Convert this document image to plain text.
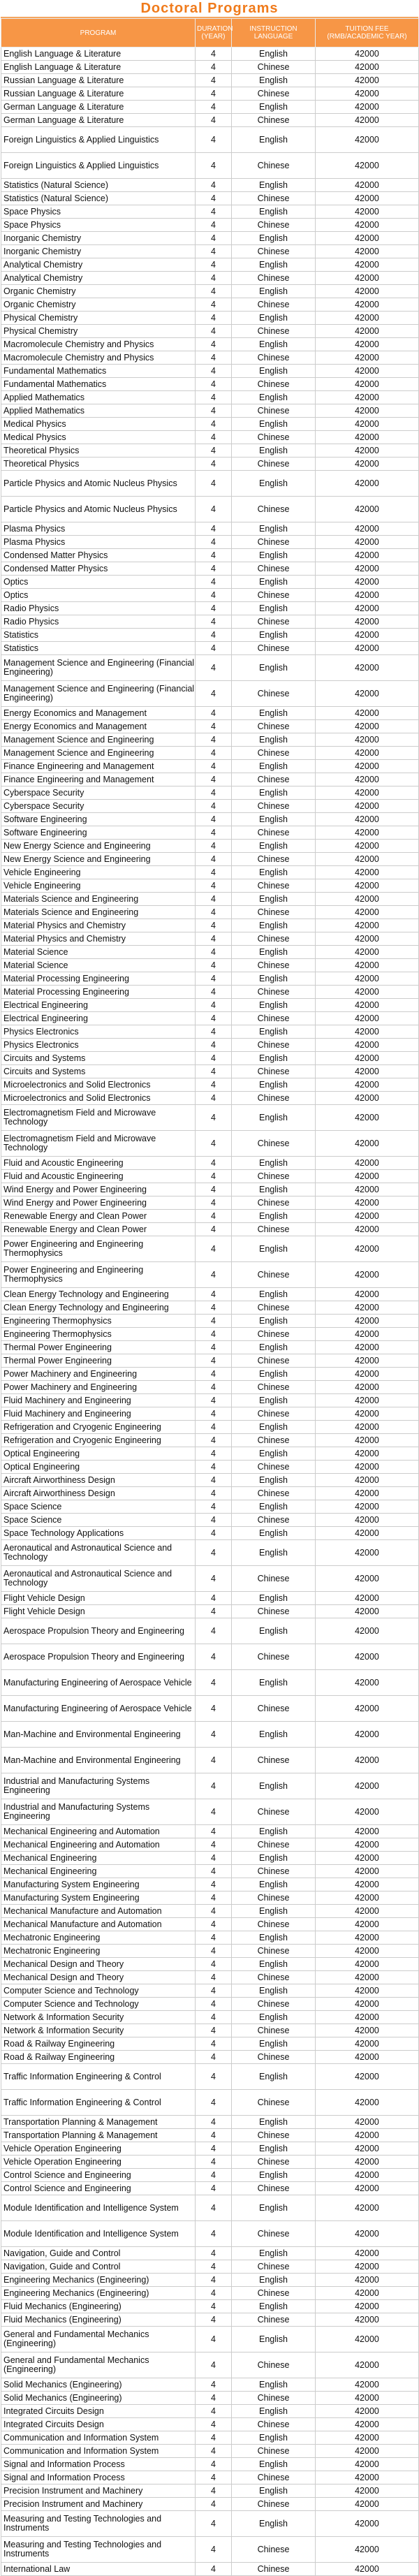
Doctoral Programs
PROGRAM	DURATION (YEAR)	INSTRUCTION LANGUAGE	TUITION FEE (RMB/ACADEMIC YEAR)
English Language & Literature	4	English	42000
English Language & Literature	4	Chinese	42000
Russian Language & Literature	4	English	42000
Russian Language & Literature	4	Chinese	42000
German Language & Literature	4	English	42000
German Language & Literature	4	Chinese	42000
Foreign Linguistics & Applied Linguistics	4	English	42000
Foreign Linguistics & Applied Linguistics	4	Chinese	42000
Statistics (Natural Science)	4	English	42000
Statistics (Natural Science)	4	Chinese	42000
Space Physics	4	English	42000
Space Physics	4	Chinese	42000
Inorganic Chemistry	4	English	42000
Inorganic Chemistry	4	Chinese	42000
Analytical Chemistry	4	English	42000
Analytical Chemistry	4	Chinese	42000
Organic Chemistry	4	English	42000
Organic Chemistry	4	Chinese	42000
Physical Chemistry	4	English	42000
Physical Chemistry	4	Chinese	42000
Macromolecule Chemistry and Physics	4	English	42000
Macromolecule Chemistry and Physics	4	Chinese	42000
Fundamental Mathematics	4	English	42000
Fundamental Mathematics	4	Chinese	42000
Applied Mathematics	4	English	42000
Applied Mathematics	4	Chinese	42000
Medical Physics	4	English	42000
Medical Physics	4	Chinese	42000
Theoretical Physics	4	English	42000
Theoretical Physics	4	Chinese	42000
Particle Physics and Atomic Nucleus Physics	4	English	42000
Particle Physics and Atomic Nucleus Physics	4	Chinese	42000
Plasma Physics	4	English	42000
Plasma Physics	4	Chinese	42000
Condensed Matter Physics	4	English	42000
Condensed Matter Physics	4	Chinese	42000
Optics	4	English	42000
Optics	4	Chinese	42000
Radio Physics	4	English	42000
Radio Physics	4	Chinese	42000
Statistics	4	English	42000
Statistics	4	Chinese	42000
Management Science and Engineering (Financial Engineering)	4	English	42000
Management Science and Engineering (Financial Engineering)	4	Chinese	42000
Energy Economics and Management	4	English	42000
Energy Economics and Management	4	Chinese	42000
Management Science and Engineering	4	English	42000
Management Science and Engineering	4	Chinese	42000
Finance Engineering and Management	4	English	42000
Finance Engineering and Management	4	Chinese	42000
Cyberspace Security	4	English	42000
Cyberspace Security	4	Chinese	42000
Software Engineering	4	English	42000
Software Engineering	4	Chinese	42000
New Energy Science and Engineering	4	English	42000
New Energy Science and Engineering	4	Chinese	42000
Vehicle Engineering	4	English	42000
Vehicle Engineering	4	Chinese	42000
Materials Science and Engineering	4	English	42000
Materials Science and Engineering	4	Chinese	42000
Material Physics and Chemistry	4	English	42000
Material Physics and Chemistry	4	Chinese	42000
Material Science	4	English	42000
Material Science	4	Chinese	42000
Material Processing Engineering	4	English	42000
Material Processing Engineering	4	Chinese	42000
Electrical Engineering	4	English	42000
Electrical Engineering	4	Chinese	42000
Physics Electronics	4	English	42000
Physics Electronics	4	Chinese	42000
Circuits and Systems	4	English	42000
Circuits and Systems	4	Chinese	42000
Microelectronics and Solid Electronics	4	English	42000
Microelectronics and Solid Electronics	4	Chinese	42000
Electromagnetism Field and Microwave Technology	4	English	42000
Electromagnetism Field and Microwave Technology	4	Chinese	42000
Fluid and Acoustic Engineering	4	English	42000
Fluid and Acoustic Engineering	4	Chinese	42000
Wind Energy and Power Engineering	4	English	42000
Wind Energy and Power Engineering	4	Chinese	42000
Renewable Energy and Clean Power	4	English	42000
Renewable Energy and Clean Power	4	Chinese	42000
Power Engineering and Engineering Thermophysics	4	English	42000
Power Engineering and Engineering Thermophysics	4	Chinese	42000
Clean Energy Technology and Engineering	4	English	42000
Clean Energy Technology and Engineering	4	Chinese	42000
Engineering Thermophysics	4	English	42000
Engineering Thermophysics	4	Chinese	42000
Thermal Power Engineering	4	English	42000
Thermal Power Engineering	4	Chinese	42000
Power Machinery and Engineering	4	English	42000
Power Machinery and Engineering	4	Chinese	42000
Fluid Machinery and Engineering	4	English	42000
Fluid Machinery and Engineering	4	Chinese	42000
Refrigeration and Cryogenic Engineering	4	English	42000
Refrigeration and Cryogenic Engineering	4	Chinese	42000
Optical Engineering	4	English	42000
Optical Engineering	4	Chinese	42000
Aircraft Airworthiness Design	4	English	42000
Aircraft Airworthiness Design	4	Chinese	42000
Space Science	4	English	42000
Space Science	4	Chinese	42000
Space Technology Applications	4	English	42000
Aeronautical and Astronautical Science and Technology	4	English	42000
Aeronautical and Astronautical Science and Technology	4	Chinese	42000
Flight Vehicle Design	4	English	42000
Flight Vehicle Design	4	Chinese	42000
Aerospace Propulsion Theory and Engineering	4	English	42000
Aerospace Propulsion Theory and Engineering	4	Chinese	42000
Manufacturing Engineering of Aerospace Vehicle	4	English	42000
Manufacturing Engineering of Aerospace Vehicle	4	Chinese	42000
Man-Machine and Environmental Engineering	4	English	42000
Man-Machine and Environmental Engineering	4	Chinese	42000
Industrial and Manufacturing Systems Engineering	4	English	42000
Industrial and Manufacturing Systems Engineering	4	Chinese	42000
Mechanical Engineering and Automation	4	English	42000
Mechanical Engineering and Automation	4	Chinese	42000
Mechanical Engineering	4	English	42000
Mechanical Engineering	4	Chinese	42000
Manufacturing System Engineering	4	English	42000
Manufacturing System Engineering	4	Chinese	42000
Mechanical Manufacture and Automation	4	English	42000
Mechanical Manufacture and Automation	4	Chinese	42000
Mechatronic Engineering	4	English	42000
Mechatronic Engineering	4	Chinese	42000
Mechanical Design and Theory	4	English	42000
Mechanical Design and Theory	4	Chinese	42000
Computer Science and Technology	4	English	42000
Computer Science and Technology	4	Chinese	42000
Network & Information Security	4	English	42000
Network & Information Security	4	Chinese	42000
Road & Railway Engineering	4	English	42000
Road & Railway Engineering	4	Chinese	42000
Traffic Information Engineering & Control	4	English	42000
Traffic Information Engineering & Control	4	Chinese	42000
Transportation Planning & Management	4	English	42000
Transportation Planning & Management	4	Chinese	42000
Vehicle Operation Engineering	4	English	42000
Vehicle Operation Engineering	4	Chinese	42000
Control Science and Engineering	4	English	42000
Control Science and Engineering	4	Chinese	42000
Module Identification and Intelligence System	4	English	42000
Module Identification and Intelligence System	4	Chinese	42000
Navigation, Guide and Control	4	English	42000
Navigation, Guide and Control	4	Chinese	42000
Engineering Mechanics (Engineering)	4	English	42000
Engineering Mechanics (Engineering)	4	Chinese	42000
Fluid Mechanics (Engineering)	4	English	42000
Fluid Mechanics (Engineering)	4	Chinese	42000
General and Fundamental Mechanics (Engineering)	4	English	42000
General and Fundamental Mechanics (Engineering)	4	Chinese	42000
Solid Mechanics (Engineering)	4	English	42000
Solid Mechanics (Engineering)	4	Chinese	42000
Integrated Circuits Design	4	English	42000
Integrated Circuits Design	4	Chinese	42000
Communication and Information System	4	English	42000
Communication and Information System	4	Chinese	42000
Signal and Information Process	4	English	42000
Signal and Information Process	4	Chinese	42000
Precision Instrument and Machinery	4	English	42000
Precision Instrument and Machinery	4	Chinese	42000
Measuring and Testing Technologies and Instruments	4	English	42000
Measuring and Testing Technologies and Instruments	4	Chinese	42000
International Law	4	Chinese	42000
